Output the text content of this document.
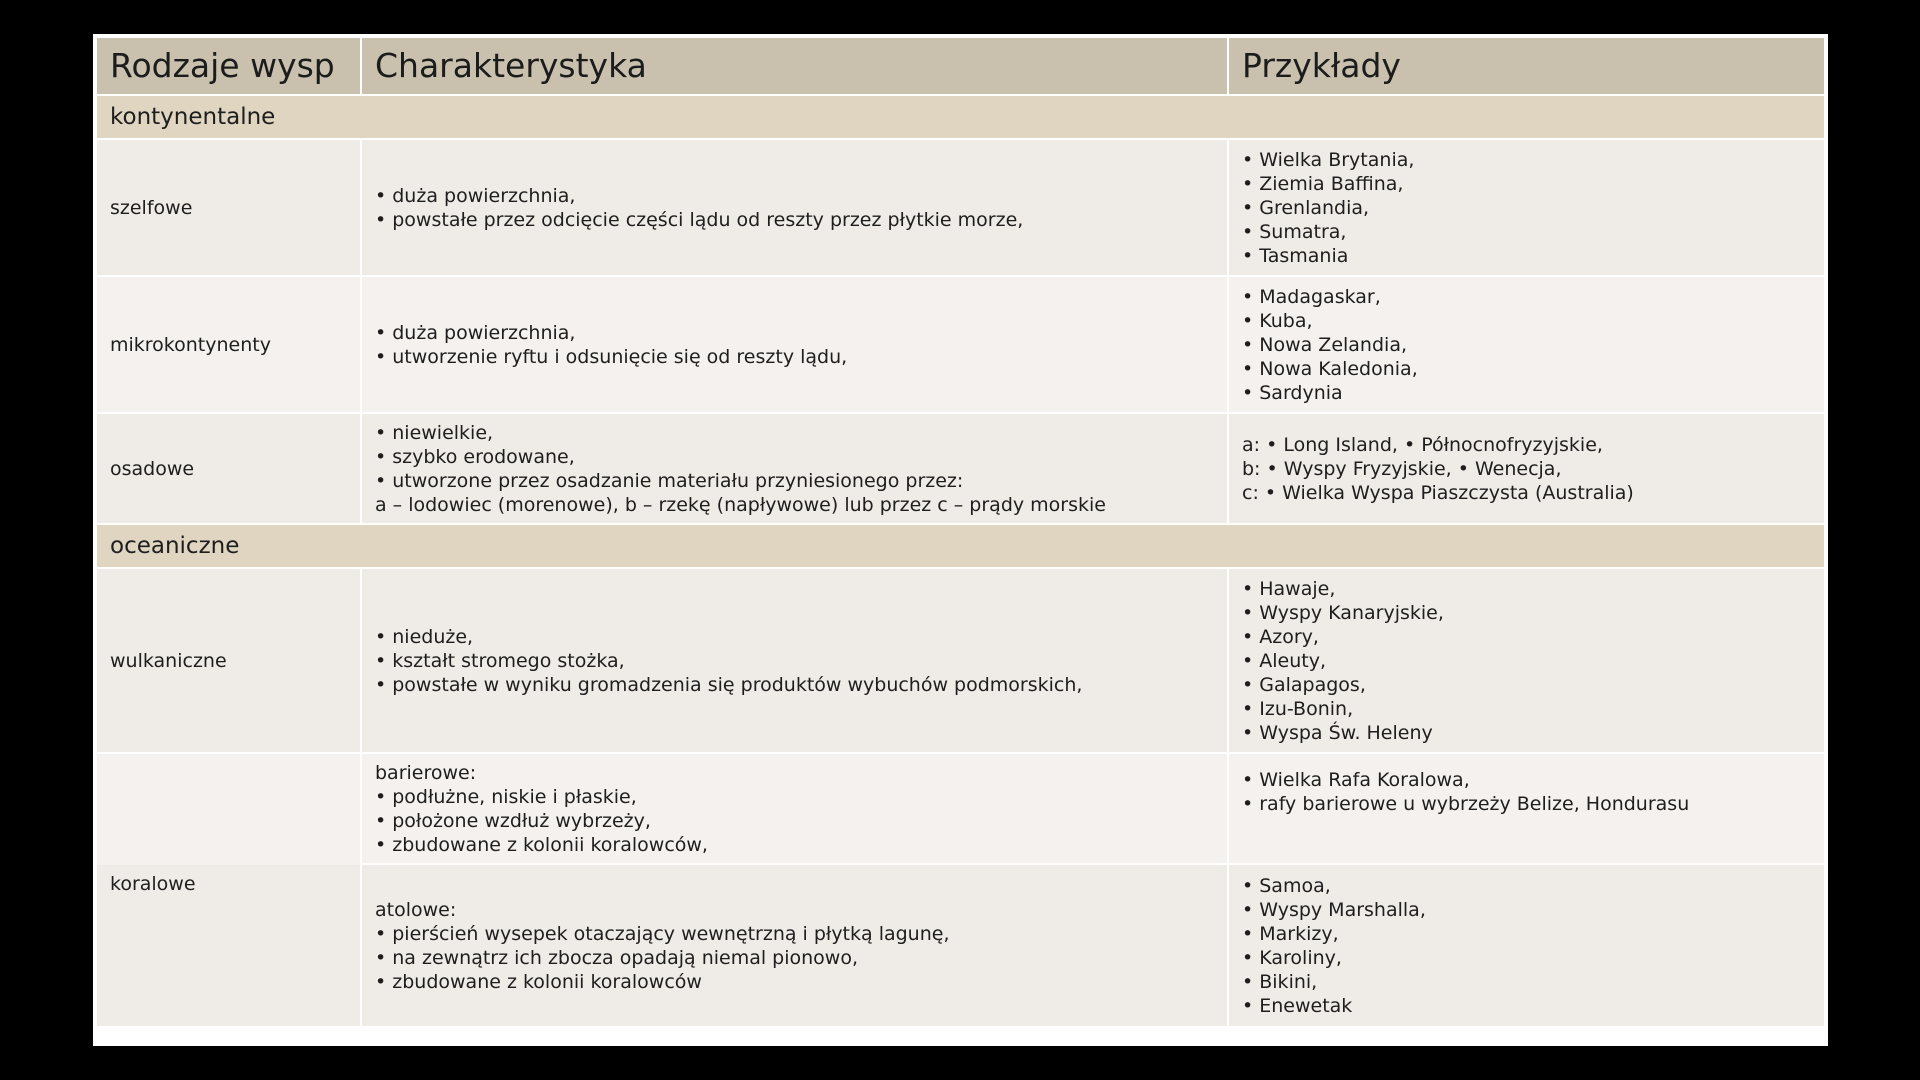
Rodzaje wysp	Charakterystyka	Przykłady
kontynentalne
szelfowe
• duża powierzchnia,
• powstałe przez odcięcie części lądu od reszty przez płytkie morze,
• Wielka Brytania,
• Ziemia Baffina,
• Grenlandia,
• Sumatra,
• Tasmania
mikrokontynenty
• duża powierzchnia,
• utworzenie ryftu i odsunięcie się od reszty lądu,
• Madagaskar,
• Kuba,
• Nowa Zelandia,
• Nowa Kaledonia,
• Sardynia
osadowe
• niewielkie,
• szybko erodowane,
• utworzone przez osadzanie materiału przyniesionego przez:
a – lodowiec (morenowe), b – rzekę (napływowe) lub przez c – prądy morskie
a: • Long Island, • Północnofryzyjskie,
b: • Wyspy Fryzyjskie, • Wenecja,
c: • Wielka Wyspa Piaszczysta (Australia)
oceaniczne
wulkaniczne
• nieduże,
• kształt stromego stożka,
• powstałe w wyniku gromadzenia się produktów wybuchów podmorskich,
• Hawaje,
• Wyspy Kanaryjskie,
• Azory,
• Aleuty,
• Galapagos,
• Izu-Bonin,
• Wyspa Św. Heleny
koralowe
barierowe:
• podłużne, niskie i płaskie,
• położone wzdłuż wybrzeży,
• zbudowane z kolonii koralowców,
• Wielka Rafa Koralowa,
• rafy barierowe u wybrzeży Belize, Hondurasu
atolowe:
• pierścień wysepek otaczający wewnętrzną i płytką lagunę,
• na zewnątrz ich zbocza opadają niemal pionowo,
• zbudowane z kolonii koralowców
• Samoa,
• Wyspy Marshalla,
• Markizy,
• Karoliny,
• Bikini,
• Enewetak
